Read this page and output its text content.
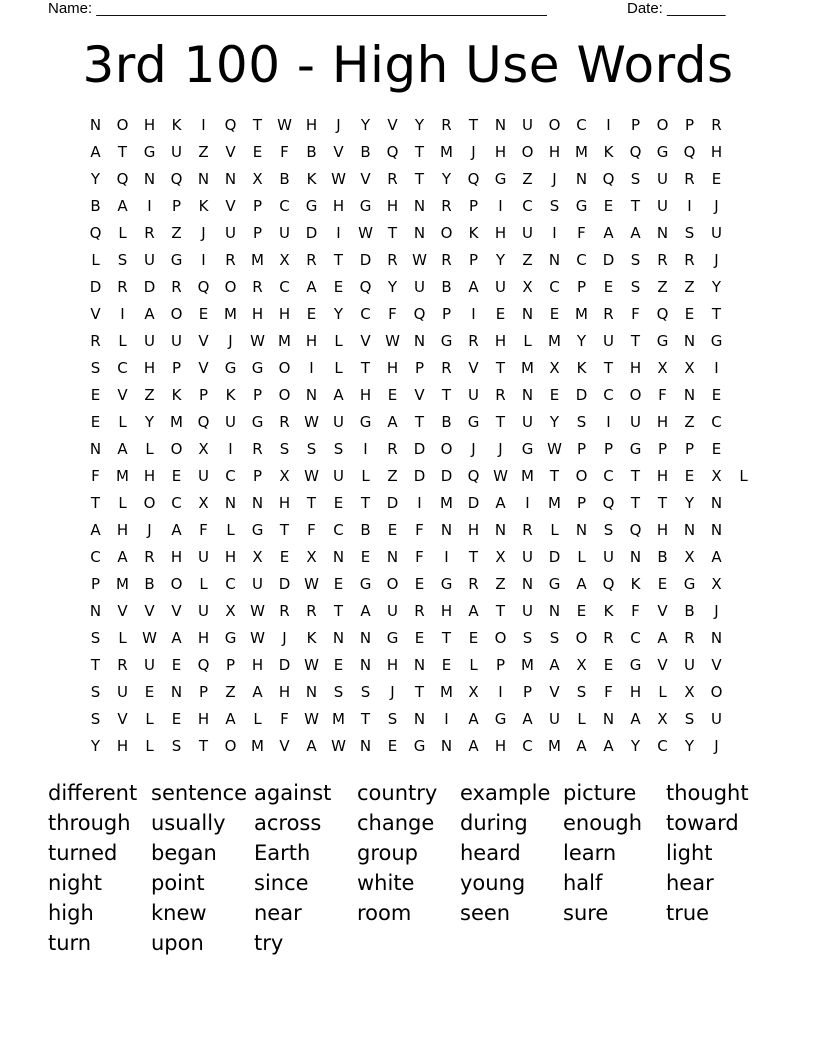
Name: ______________________________________________________	Date: _______
3rd 100 - High Use Words
N	O	H	K	I	Q	T	W H	J	Y	V	Y	R	T	N	U	O	C	I	P	O	P	R
A	T	G	U	Z	V	E	F	B	V	B	Q	T	M	J	H	O	H M	K	Q	G	Q	H
Y	Q	N	Q	N	N	X	B	K W V	R	T	Y	Q	G	Z	J	N	Q	S	U	R	E
B	A	I	P	K	V	P	C	G	H	G	H	N	R	P	I	C	S	G	E	T	U	I	J
Q	L	R	Z	J	U	P	U	D	I	W T	N	O	K	H	U	I	F	A	A	N	S	U
L	S	U	G	I	R	M	X	R	T	D	R W R	P	Y	Z	N	C	D	S	R	R	J
D	R	D	R	Q	O	R	C	A	E	Q	Y	U	B	A	U	X	C	P	E	S	Z	Z	Y
V	I	A	O	E	M H	H	E	Y	C	F	Q	P	I	E	N	E	M	R	F	Q	E	T
R	L	U	U	V	J	W M H	L	V W N	G	R	H	L	M	Y	U	T	G	N	G
S	C	H	P	V	G	G	O	I	L	T	H	P	R	V	T	M	X	K	T	H	X	X	I
E	V	Z	K	P	K	P	O	N	A	H	E	V	T	U	R	N	E	D	C	O	F	N	E
E	L	Y	M Q	U	G	R W U	G	A	T	B	G	T	U	Y	S	I	U	H	Z	C
N	A	L	O	X	I	R	S	S	S	I	R	D	O	J	J	G W	P	P	G	P	P	E
F	M H	E	U	C	P	X W U	L	Z	D	D	Q W M	T	O	C	T	H	E	X	L
T	L	O	C	X	N	N	H	T	E	T	D	I	M D	A	I	M	P	Q	T	T	Y	N
A	H	J	A	F	L	G	T	F	C	B	E	F	N	H	N	R	L	N	S	Q	H	N	N
C	A	R	H	U	H	X	E	X	N	E	N	F	I	T	X	U	D	L	U	N	B	X	A
P	M	B	O	L	C	U	D W E	G	O	E	G	R	Z	N	G	A	Q	K	E	G	X
N	V	V	V	U	X W R	R	T	A	U	R	H	A	T	U	N	E	K	F	V	B	J
S	L	W A	H	G W	J	K	N	N	G	E	T	E	O	S	S	O	R	C	A	R	N
T	R	U	E	Q	P	H	D W E	N	H	N	E	L	P	M	A	X	E	G	V	U	V
S	U	E	N	P	Z	A	H	N	S	S	J	T	M	X	I	P	V	S	F	H	L	X	O
S	V	L	E	H	A	L	F	W M	T	S	N	I	A	G	A	U	L	N	A	X	S	U
Y	H	L	S	T	O M	V	A W N	E	G	N	A	H	C	M	A	A	Y	C	Y	J
different sentence against	country	example picture	thought
through usually	across	change	during	enough	toward
turned	began	Earth	group	heard	learn	light
night	point	since	white	young	half	hear
high	knew	near	room	seen	sure	true
turn	upon	try
